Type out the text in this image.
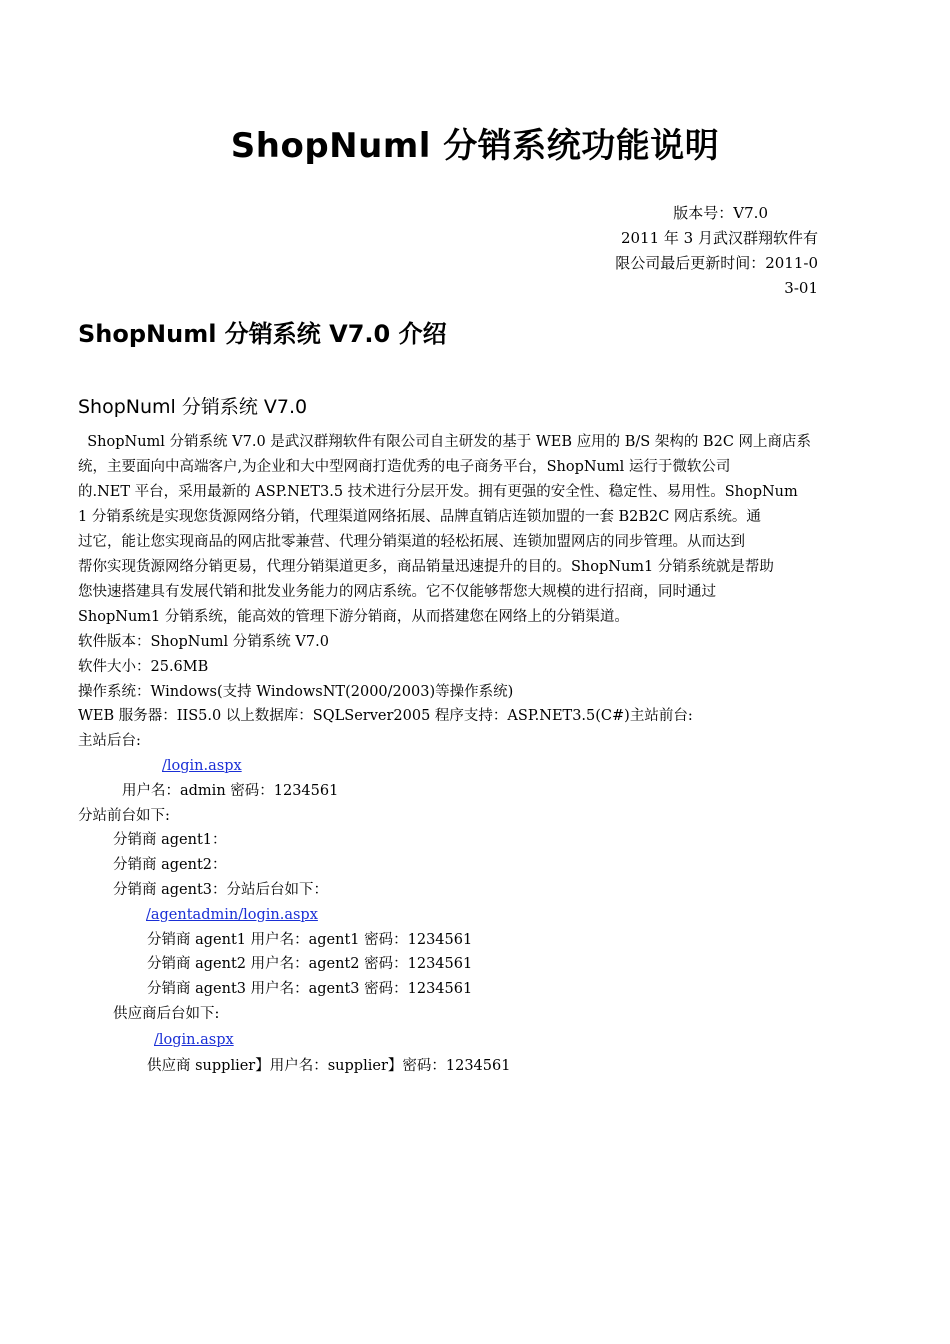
ShopNuml 分销系统功能说明
版本号：V7.0
2011 年 3 月武汉群翔软件有
限公司最后更新时间：2011-0
3-01
ShopNuml 分销系统 V7.0 介绍
ShopNuml 分销系统 V7.0
ShopNuml 分销系统 V7.0 是武汉群翔软件有限公司自主研发的基于 WEB 应用的 B/S 架构的 B2C 网上商店系
统，主要面向中高端客户,为企业和大中型网商打造优秀的电子商务平台，ShopNuml 运行于微软公司
的.NET 平台，采用最新的 ASP.NET3.5 技术进行分层开发。拥有更强的安全性、稳定性、易用性。ShopNum
1 分销系统是实现您货源网络分销，代理渠道网络拓展、品牌直销店连锁加盟的一套 B2B2C 网店系统。通
过它，能让您实现商品的网店批零兼营、代理分销渠道的轻松拓展、连锁加盟网店的同步管理。从而达到
帮你实现货源网络分销更易，代理分销渠道更多，商品销量迅速提升的目的。ShopNum1 分销系统就是帮助
您快速搭建具有发展代销和批发业务能力的网店系统。它不仅能够帮您大规模的进行招商，同时通过
ShopNum1 分销系统，能高效的管理下游分销商，从而搭建您在网络上的分销渠道。
软件版本：ShopNuml 分销系统 V7.0
软件大小：25.6MB
操作系统：Windows(支持 WindowsNT(2000/2003)等操作系统)
WEB 服务器：IIS5.0 以上数据库：SQLServer2005 程序支持：ASP.NET3.5(C#)主站前台:
主站后台:
/login.aspx
用户名：admin 密码：1234561
分站前台如下:
分销商 agent1：
分销商 agent2：
分销商 agent3：分站后台如下：
/agentadmin/login.aspx
分销商 agent1 用户名：agent1 密码：1234561
分销商 agent2 用户名：agent2 密码：1234561
分销商 agent3 用户名：agent3 密码：1234561
供应商后台如下:
/login.aspx
供应商 supplier】用户名：supplier】密码：1234561
